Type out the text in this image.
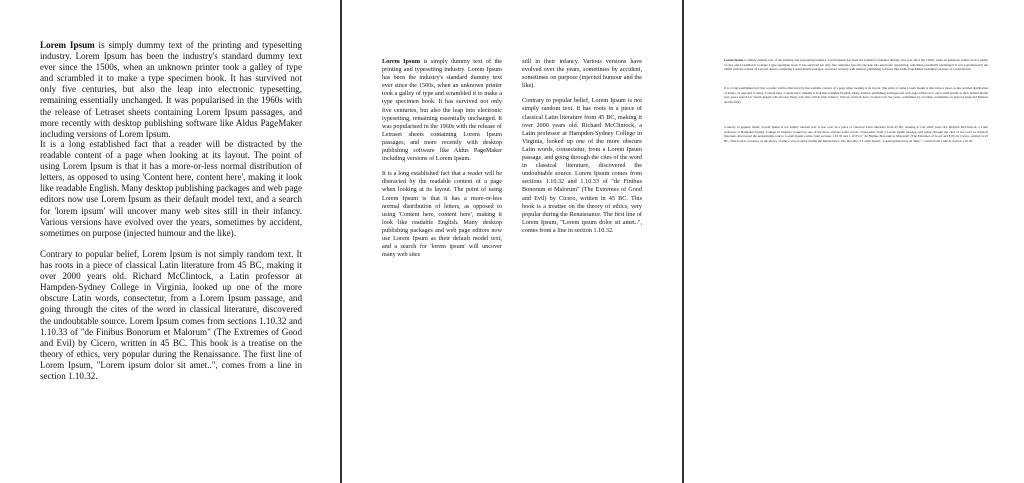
Lorem Ipsum is simply dummy text of the printing and typesetting industry. Lorem Ipsum has been the industry's standard dummy text ever since the 1500s, when an unknown printer took a galley of type and scrambled it to make a type specimen book. It has survived not only five centuries, but also the leap into electronic typesetting, remaining essentially unchanged. It was popularised in the 1960s with the release of Letraset sheets containing Lorem Ipsum passages, and more recently with desktop publishing software like Aldus PageMaker including versions of Lorem Ipsum.

It is a long established fact that a reader will be distracted by the readable content of a page when looking at its layout. The point of using Lorem Ipsum is that it has a more-or-less normal distribution of letters, as opposed to using 'Content here, content here', making it look like readable English. Many desktop publishing packages and web page editors now use Lorem Ipsum as their default model text, and a search for 'lorem ipsum' will uncover many web sites still in their infancy. Various versions have evolved over the years, sometimes by accident, sometimes on purpose (injected humour and the like).

Contrary to popular belief, Lorem Ipsum is not simply random text. It has roots in a piece of classical Latin literature from 45 BC, making it over 2000 years old. Richard McClintock, a Latin professor at Hampden-Sydney College in Virginia, looked up one of the more obscure Latin words, consectetur, from a Lorem Ipsum passage, and going through the cites of the word in classical literature, discovered the undoubtable source. Lorem Ipsum comes from sections 1.10.32 and 1.10.33 of "de Finibus Bonorum et Malorum" (The Extremes of Good and Evil) by Cicero, written in 45 BC. This book is a treatise on the theory of ethics, very popular during the Renaissance. The first line of Lorem Ipsum, "Lorem ipsum dolor sit amet..", comes from a line in section 1.10.32.

Lorem Ipsum is simply dummy text of the printing and typesetting industry. Lorem Ipsum has been the industry's standard dummy text ever since the 1500s, when an unknown printer took a galley of type and scrambled it to make a type specimen book. It has survived not only five centuries, but also the leap into electronic typesetting, remaining essentially unchanged. It was popularised in the 1960s with the release of Letraset sheets containing Lorem Ipsum passages, and more recently with desktop publishing software like Aldus PageMaker including versions of Lorem Ipsum.

It is a long established fact that a reader will be distracted by the readable content of a page when looking at its layout. The point of using Lorem Ipsum is that it has a more-or-less normal distribution of letters, as opposed to using 'Content here, content here', making it look like readable English. Many desktop publishing packages and web page editors now use Lorem Ipsum as their default model text, and a search for 'lorem ipsum' will uncover many web sites

still in their infancy. Various versions have evolved over the years, sometimes by accident, sometimes on purpose (injected humour and the like).

Contrary to popular belief, Lorem Ipsum is not simply random text. It has roots in a piece of classical Latin literature from 45 BC, making it over 2000 years old. Richard McClintock, a Latin professor at Hampden-Sydney College in Virginia, looked up one of the more obscure Latin words, consectetur, from a Lorem Ipsum passage, and going through the cites of the word in classical literature, discovered the undoubtable source. Lorem Ipsum comes from sections 1.10.32 and 1.10.33 of "de Finibus Bonorum et Malorum" (The Extremes of Good and Evil) by Cicero, written in 45 BC. This book is a treatise on the theory of ethics, very popular during the Renaissance. The first line of Lorem Ipsum, "Lorem ipsum dolor sit amet..", comes from a line in section 1.10.32.

Lorem Ipsum is simply dummy text of the printing and typesetting industry. Lorem Ipsum has been the industry's standard dummy text ever since the 1500s, when an unknown printer took a galley of type and scrambled it to make a type specimen book. It has survived not only five centuries, but also the leap into electronic typesetting, remaining essentially unchanged. It was popularised in the 1960s with the release of Letraset sheets containing Lorem Ipsum passages, and more recently with desktop publishing software like Aldus PageMaker including versions of Lorem Ipsum.

It is a long established fact that a reader will be distracted by the readable content of a page when looking at its layout. The point of using Lorem Ipsum is that it has a more-or-less normal distribution of letters, as opposed to using 'Content here, content here', making it look like readable English. Many desktop publishing packages and web page editors now use Lorem Ipsum as their default model text, and a search for 'lorem ipsum' will uncover many web sites still in their infancy. Various versions have evolved over the years, sometimes by accident, sometimes on purpose (injected humour and the like).

Contrary to popular belief, Lorem Ipsum is not simply random text. It has roots in a piece of classical Latin literature from 45 BC, making it over 2000 years old. Richard McClintock, a Latin professor at Hampden-Sydney College in Virginia, looked up one of the more obscure Latin words, consectetur, from a Lorem Ipsum passage, and going through the cites of the word in classical literature, discovered the undoubtable source. Lorem Ipsum comes from sections 1.10.32 and 1.10.33 of "de Finibus Bonorum et Malorum" (The Extremes of Good and Evil) by Cicero, written in 45 BC. This book is a treatise on the theory of ethics, very popular during the Renaissance. The first line of Lorem Ipsum, "Lorem ipsum dolor sit amet..", comes from a line in section 1.10.32.
